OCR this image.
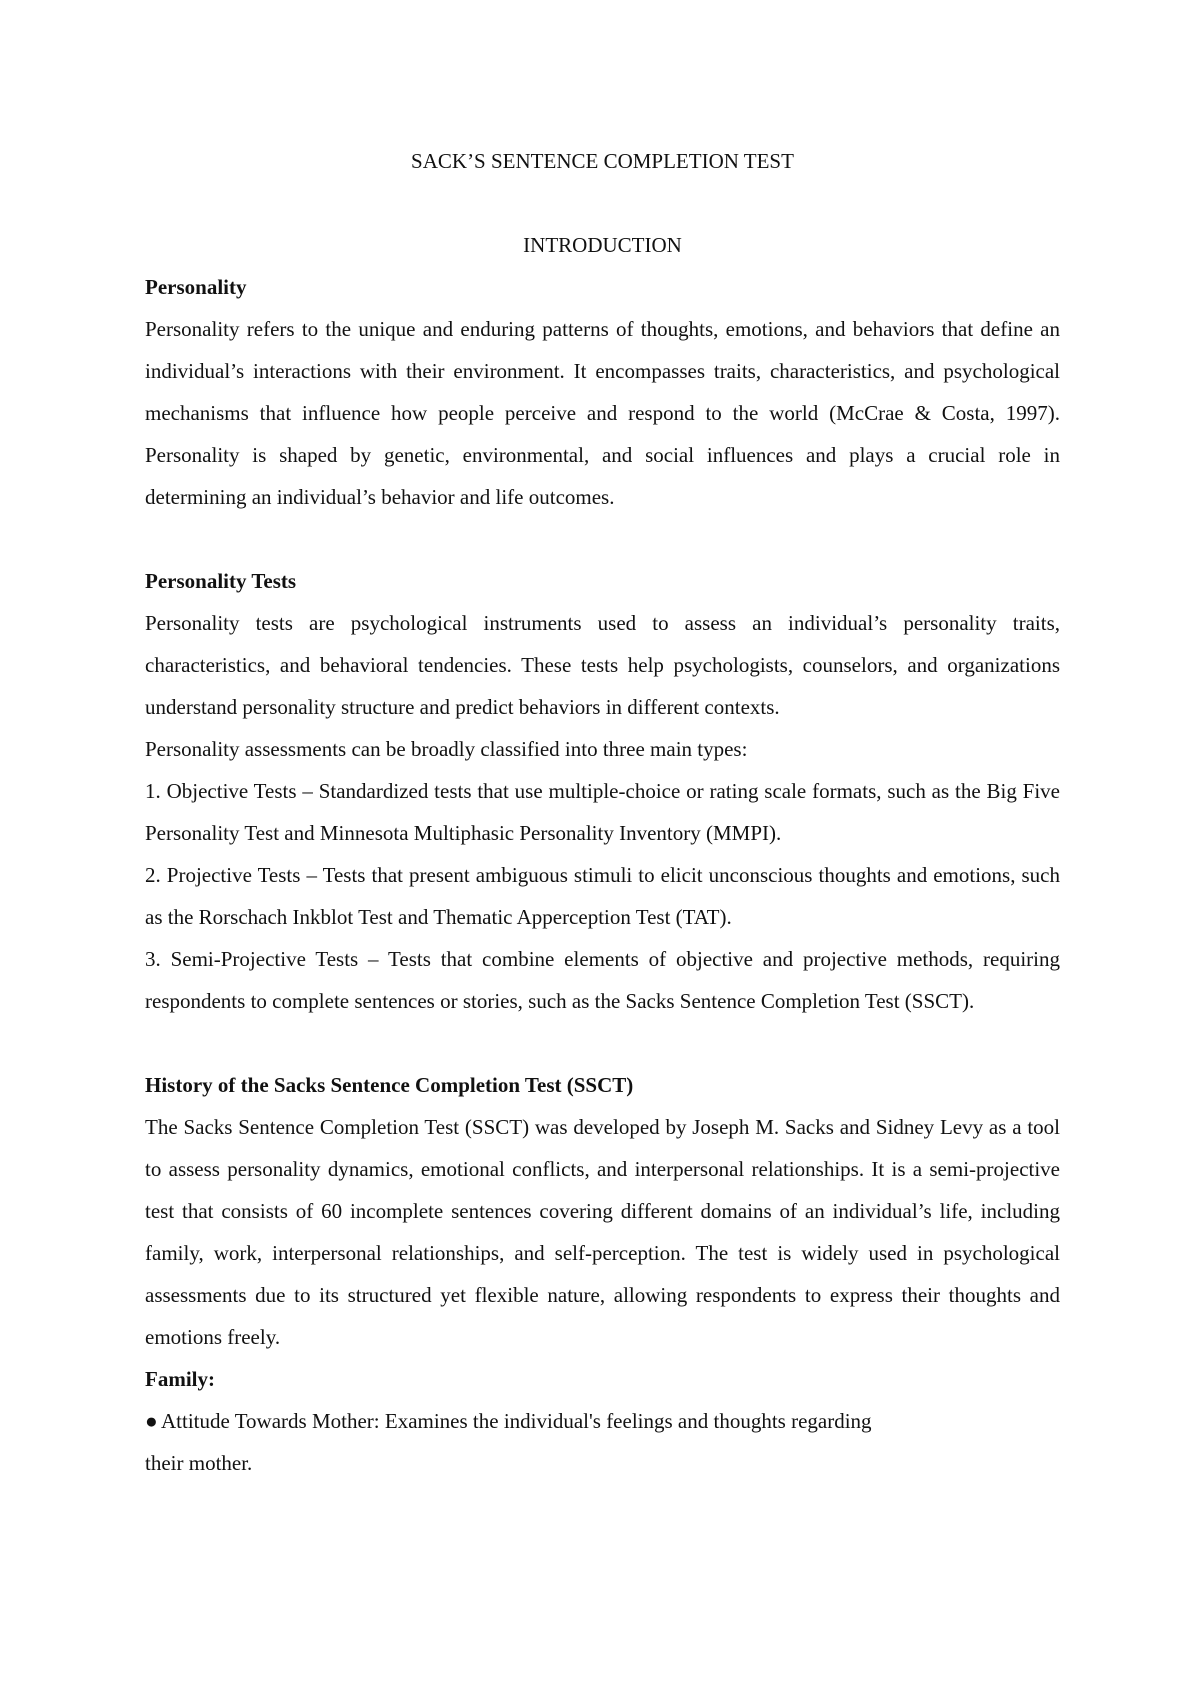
SACK’S SENTENCE COMPLETION TEST

INTRODUCTION

Personality

Personality refers to the unique and enduring patterns of thoughts, emotions, and behaviors that define an individual’s interactions with their environment. It encompasses traits, characteristics, and psychological mechanisms that influence how people perceive and respond to the world (McCrae & Costa, 1997). Personality is shaped by genetic, environmental, and social influences and plays a crucial role in determining an individual’s behavior and life outcomes.

Personality Tests

Personality tests are psychological instruments used to assess an individual’s personality traits, characteristics, and behavioral tendencies. These tests help psychologists, counselors, and organizations understand personality structure and predict behaviors in different contexts.

Personality assessments can be broadly classified into three main types:

1. Objective Tests – Standardized tests that use multiple-choice or rating scale formats, such as the Big Five Personality Test and Minnesota Multiphasic Personality Inventory (MMPI).

2. Projective Tests – Tests that present ambiguous stimuli to elicit unconscious thoughts and emotions, such as the Rorschach Inkblot Test and Thematic Apperception Test (TAT).

3. Semi-Projective Tests – Tests that combine elements of objective and projective methods, requiring respondents to complete sentences or stories, such as the Sacks Sentence Completion Test (SSCT).

History of the Sacks Sentence Completion Test (SSCT)

The Sacks Sentence Completion Test (SSCT) was developed by Joseph M. Sacks and Sidney Levy as a tool to assess personality dynamics, emotional conflicts, and interpersonal relationships. It is a semi-projective test that consists of 60 incomplete sentences covering different domains of an individual’s life, including family, work, interpersonal relationships, and self-perception. The test is widely used in psychological assessments due to its structured yet flexible nature, allowing respondents to express their thoughts and emotions freely.

Family:

● Attitude Towards Mother: Examines the individual's feelings and thoughts regarding

their mother.
